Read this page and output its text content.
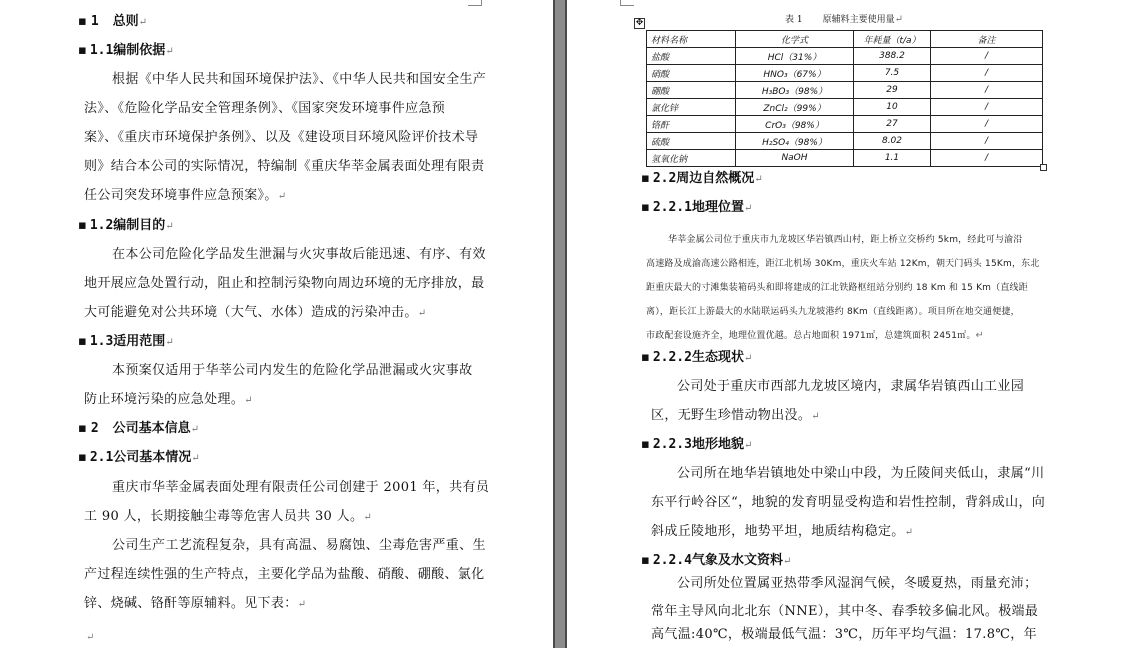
▪ 1 总则↵
▪ 1.1编制依据↵
根据《中华人民共和国环境保护法》、《中华人民共和国安全生产
法》、《危险化学品安全管理条例》、《国家突发环境事件应急预
案》、《重庆市环境保护条例》、以及《建设项目环境风险评价技术导
则》结合本公司的实际情况，特编制《重庆华莘金属表面处理有限责
任公司突发环境事件应急预案》。↵
▪ 1.2编制目的↵
在本公司危险化学品发生泄漏与火灾事故后能迅速、有序、有效
地开展应急处置行动，阻止和控制污染物向周边环境的无序排放，最
大可能避免对公共环境（大气、水体）造成的污染冲击。↵
▪ 1.3适用范围↵
本预案仅适用于华莘公司内发生的危险化学品泄漏或火灾事故
防止环境污染的应急处理。↵
▪ 2 公司基本信息↵
▪ 2.1公司基本情况↵
重庆市华莘金属表面处理有限责任公司创建于 2001 年，共有员
工 90 人，长期接触尘毒等危害人员共 30 人。↵
公司生产工艺流程复杂，具有高温、易腐蚀、尘毒危害严重、生
产过程连续性强的生产特点，主要化学品为盐酸、硝酸、硼酸、氯化
锌、烧碱、铬酐等原辅料。见下表：↵
↵
✥	表 1 原辅料主要使用量↵
材料名称	化学式	年耗量（t/a）	备注
盐酸	HCl（31%）	388.2	/
硝酸	HNO₃（67%）	7.5	/
硼酸	H₃BO₃（98%）	29	/
氯化锌	ZnCl₂（99%）	10	/
铬酐	CrO₃（98%）	27	/
硫酸	H₂SO₄（98%）	8.02	/
氢氧化钠	NaOH	1.1	/
▪ 2.2周边自然概况↵
▪ 2.2.1地理位置↵
华莘金属公司位于重庆市九龙坡区华岩镇西山村，距上桥立交桥约 5km，经此可与渝沿
高速路及成渝高速公路相连，距江北机场 30Km，重庆火车站 12Km，朝天门码头 15Km，东北
距重庆最大的寸滩集装箱码头和即将建成的江北铁路枢纽站分别约 18 Km 和 15 Km（直线距
离），距长江上游最大的水陆联运码头九龙坡港约 8Km（直线距离）。项目所在地交通便捷，
市政配套设施齐全，地理位置优越。总占地面积 1971㎡，总建筑面积 2451㎡。↵
▪ 2.2.2生态现状↵
公司处于重庆市西部九龙坡区境内，隶属华岩镇西山工业园
区，无野生珍惜动物出没。↵
▪ 2.2.3地形地貌↵
公司所在地华岩镇地处中梁山中段，为丘陵间夹低山，隶属“川
东平行岭谷区“，地貌的发育明显受构造和岩性控制，背斜成山，向
斜成丘陵地形，地势平坦，地质结构稳定。↵
▪ 2.2.4气象及水文资料↵
公司所处位置属亚热带季风湿润气候，冬暖夏热，雨量充沛；
常年主导风向北北东（NNE），其中冬、春季较多偏北风。极端最
高气温:40℃，极端最低气温：3℃，历年平均气温：17.8℃，年
